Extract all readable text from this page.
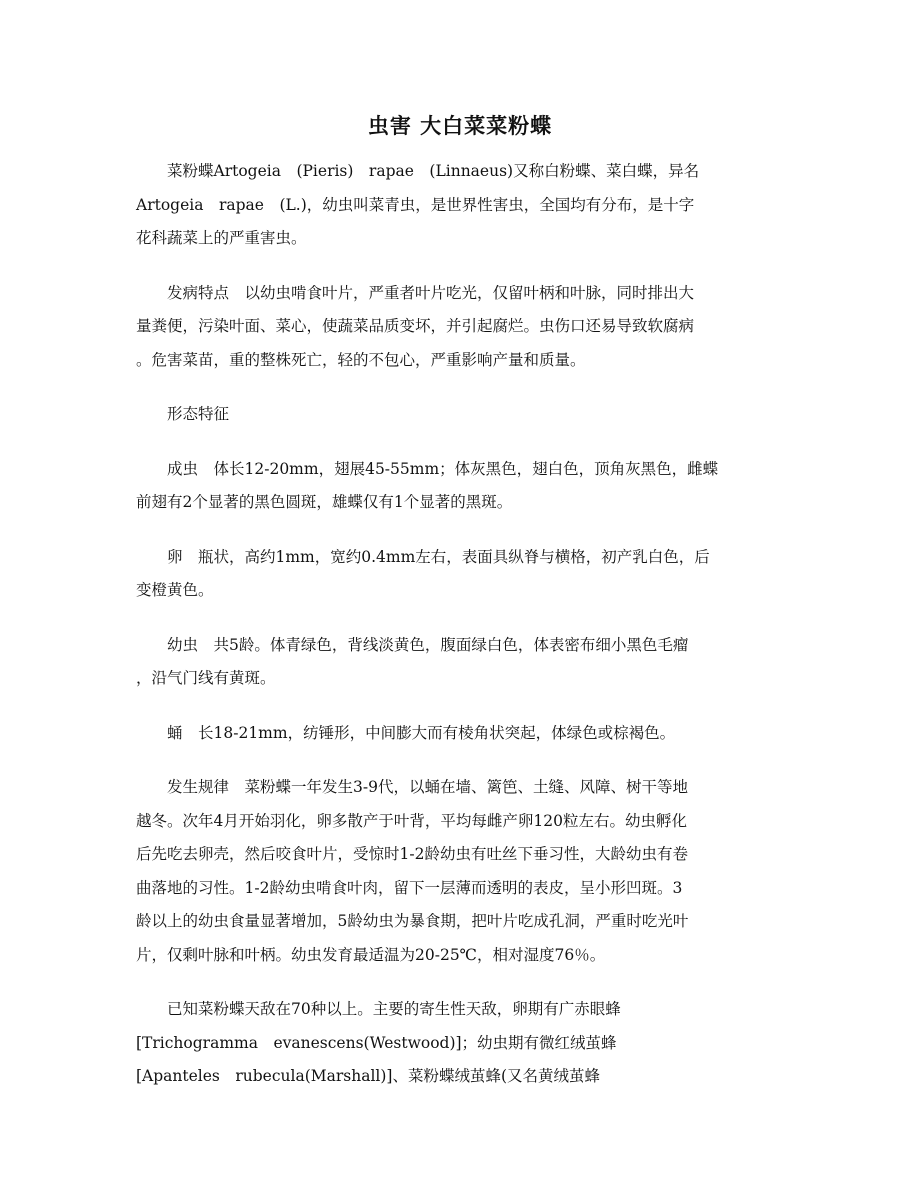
虫害 大白菜菜粉蝶

　　菜粉蝶Artogeia　(Pieris)　rapae　(Linnaeus)又称白粉蝶、菜白蝶，异名
Artogeia　rapae　(L.)，幼虫叫菜青虫，是世界性害虫，全国均有分布，是十字
花科蔬菜上的严重害虫。

　　发病特点　以幼虫啃食叶片，严重者叶片吃光，仅留叶柄和叶脉，同时排出大
量粪便，污染叶面、菜心，使蔬菜品质变坏，并引起腐烂。虫伤口还易导致软腐病
。危害菜苗，重的整株死亡，轻的不包心，严重影响产量和质量。

　　形态特征

　　成虫　体长12-20mm，翅展45-55mm；体灰黑色，翅白色，顶角灰黑色，雌蝶
前翅有2个显著的黑色圆斑，雄蝶仅有1个显著的黑斑。

　　卵　瓶状，高约1mm，宽约0.4mm左右，表面具纵脊与横格，初产乳白色，后
变橙黄色。

　　幼虫　共5龄。体青绿色，背线淡黄色，腹面绿白色，体表密布细小黑色毛瘤
，沿气门线有黄斑。

　　蛹　长18-21mm，纺锤形，中间膨大而有棱角状突起，体绿色或棕褐色。

　　发生规律　菜粉蝶一年发生3-9代，以蛹在墙、篱笆、土缝、风障、树干等地
越冬。次年4月开始羽化，卵多散产于叶背，平均每雌产卵120粒左右。幼虫孵化
后先吃去卵壳，然后咬食叶片，受惊时1-2龄幼虫有吐丝下垂习性，大龄幼虫有卷
曲落地的习性。1-2龄幼虫啃食叶肉，留下一层薄而透明的表皮，呈小形凹斑。3
龄以上的幼虫食量显著增加，5龄幼虫为暴食期，把叶片吃成孔洞，严重时吃光叶
片，仅剩叶脉和叶柄。幼虫发育最适温为20-25℃，相对湿度76％。

　　已知菜粉蝶天敌在70种以上。主要的寄生性天敌，卵期有广赤眼蜂
[Trichogramma　evanescens(Westwood)]；幼虫期有微红绒茧蜂
[Apanteles　rubecula(Marshall)]、菜粉蝶绒茧蜂(又名黄绒茧蜂
